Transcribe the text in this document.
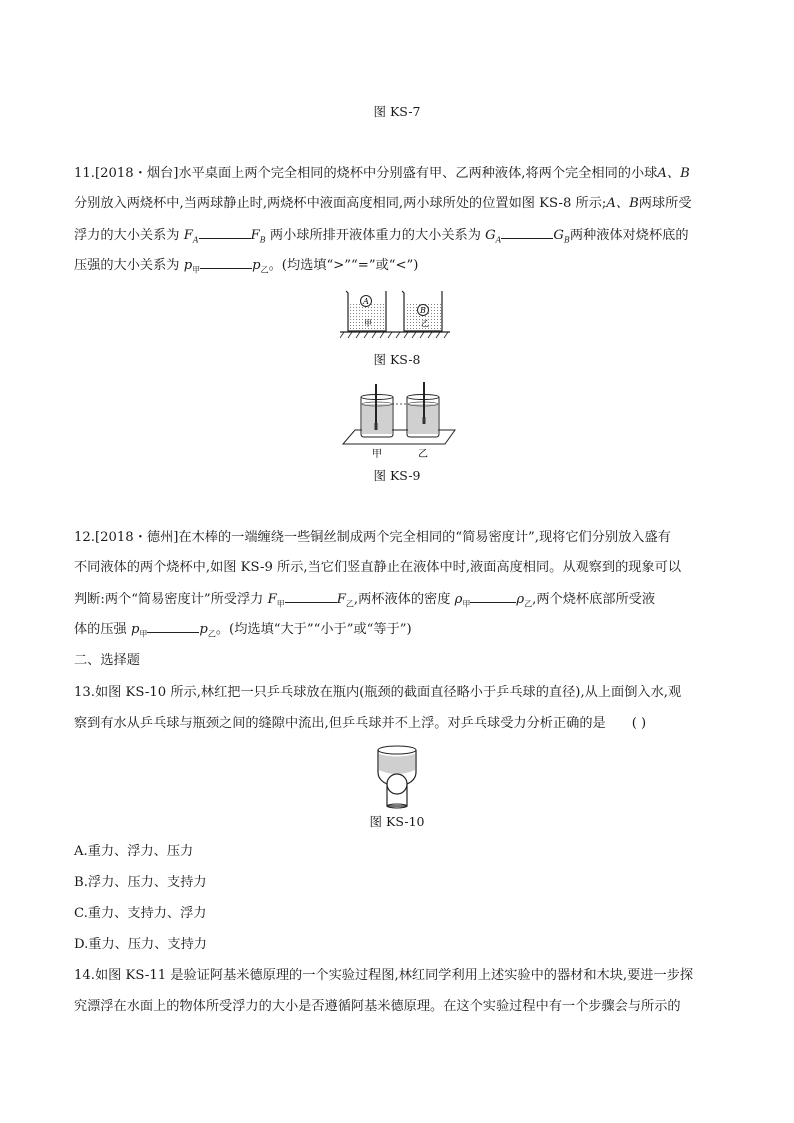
图 KS-7
11.[2018・烟台]水平桌面上两个完全相同的烧杯中分别盛有甲、乙两种液体,将两个完全相同的小球A、B
分别放入两烧杯中,当两球静止时,两烧杯中液面高度相同,两小球所处的位置如图 KS-8 所示;A、B两球所受
浮力的大小关系为 $F_A$	$F_B$ 两小球所排开液体重力的大小关系为 $G_A$	$G_B$两种液体对烧杯底的
压强的大小关系为 $p_甲$	$p_乙$。(均选填“>”“=”或“<”)
A
甲
B
乙
图 KS-8
甲	乙
图 KS-9
12.[2018・德州]在木棒的一端缠绕一些铜丝制成两个完全相同的“简易密度计”,现将它们分别放入盛有
不同液体的两个烧杯中,如图 KS-9 所示,当它们竖直静止在液体中时,液面高度相同。从观察到的现象可以
判断:两个“简易密度计”所受浮力 $F_甲$	$F_乙$,两杯液体的密度 $\rho_甲$	$\rho_乙$,两个烧杯底部所受液
体的压强 $p_甲$	$p_乙$。(均选填“大于”“小于”或“等于”)
二、选择题
13.如图 KS-10 所示,林红把一只乒乓球放在瓶内(瓶颈的截面直径略小于乒乓球的直径),从上面倒入水,观
察到有水从乒乓球与瓶颈之间的缝隙中流出,但乒乓球并不上浮。对乒乓球受力分析正确的是 ( )
图 KS-10
A.重力、浮力、压力
B.浮力、压力、支持力
C.重力、支持力、浮力
D.重力、压力、支持力
14.如图 KS-11 是验证阿基米德原理的一个实验过程图,林红同学利用上述实验中的器材和木块,要进一步探
究漂浮在水面上的物体所受浮力的大小是否遵循阿基米德原理。在这个实验过程中有一个步骤会与所示的
